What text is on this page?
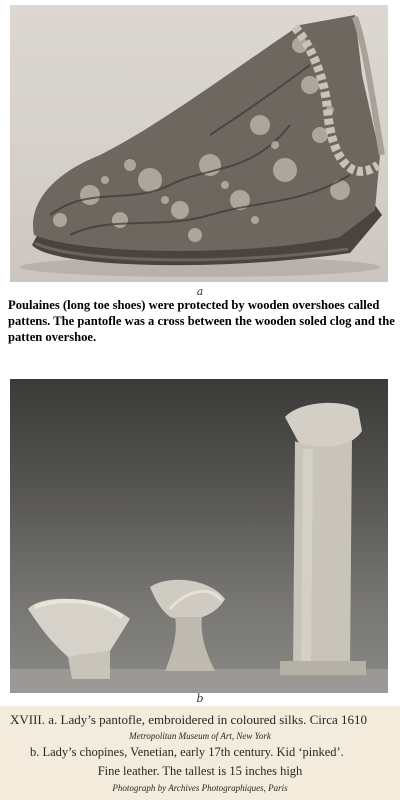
a
Poulaines (long toe shoes) were protected by wooden overshoes called pattens. The pantofle was a cross between the wooden soled clog and the patten overshoe.
b
XVIII. a. Lady’s pantofle, embroidered in coloured silks. Circa 1610
Metropolitan Museum of Art, New York
b. Lady’s chopines, Venetian, early 17th century. Kid ‘pinked’.
Fine leather. The tallest is 15 inches high
Photograph by Archives Photographiques, Paris
